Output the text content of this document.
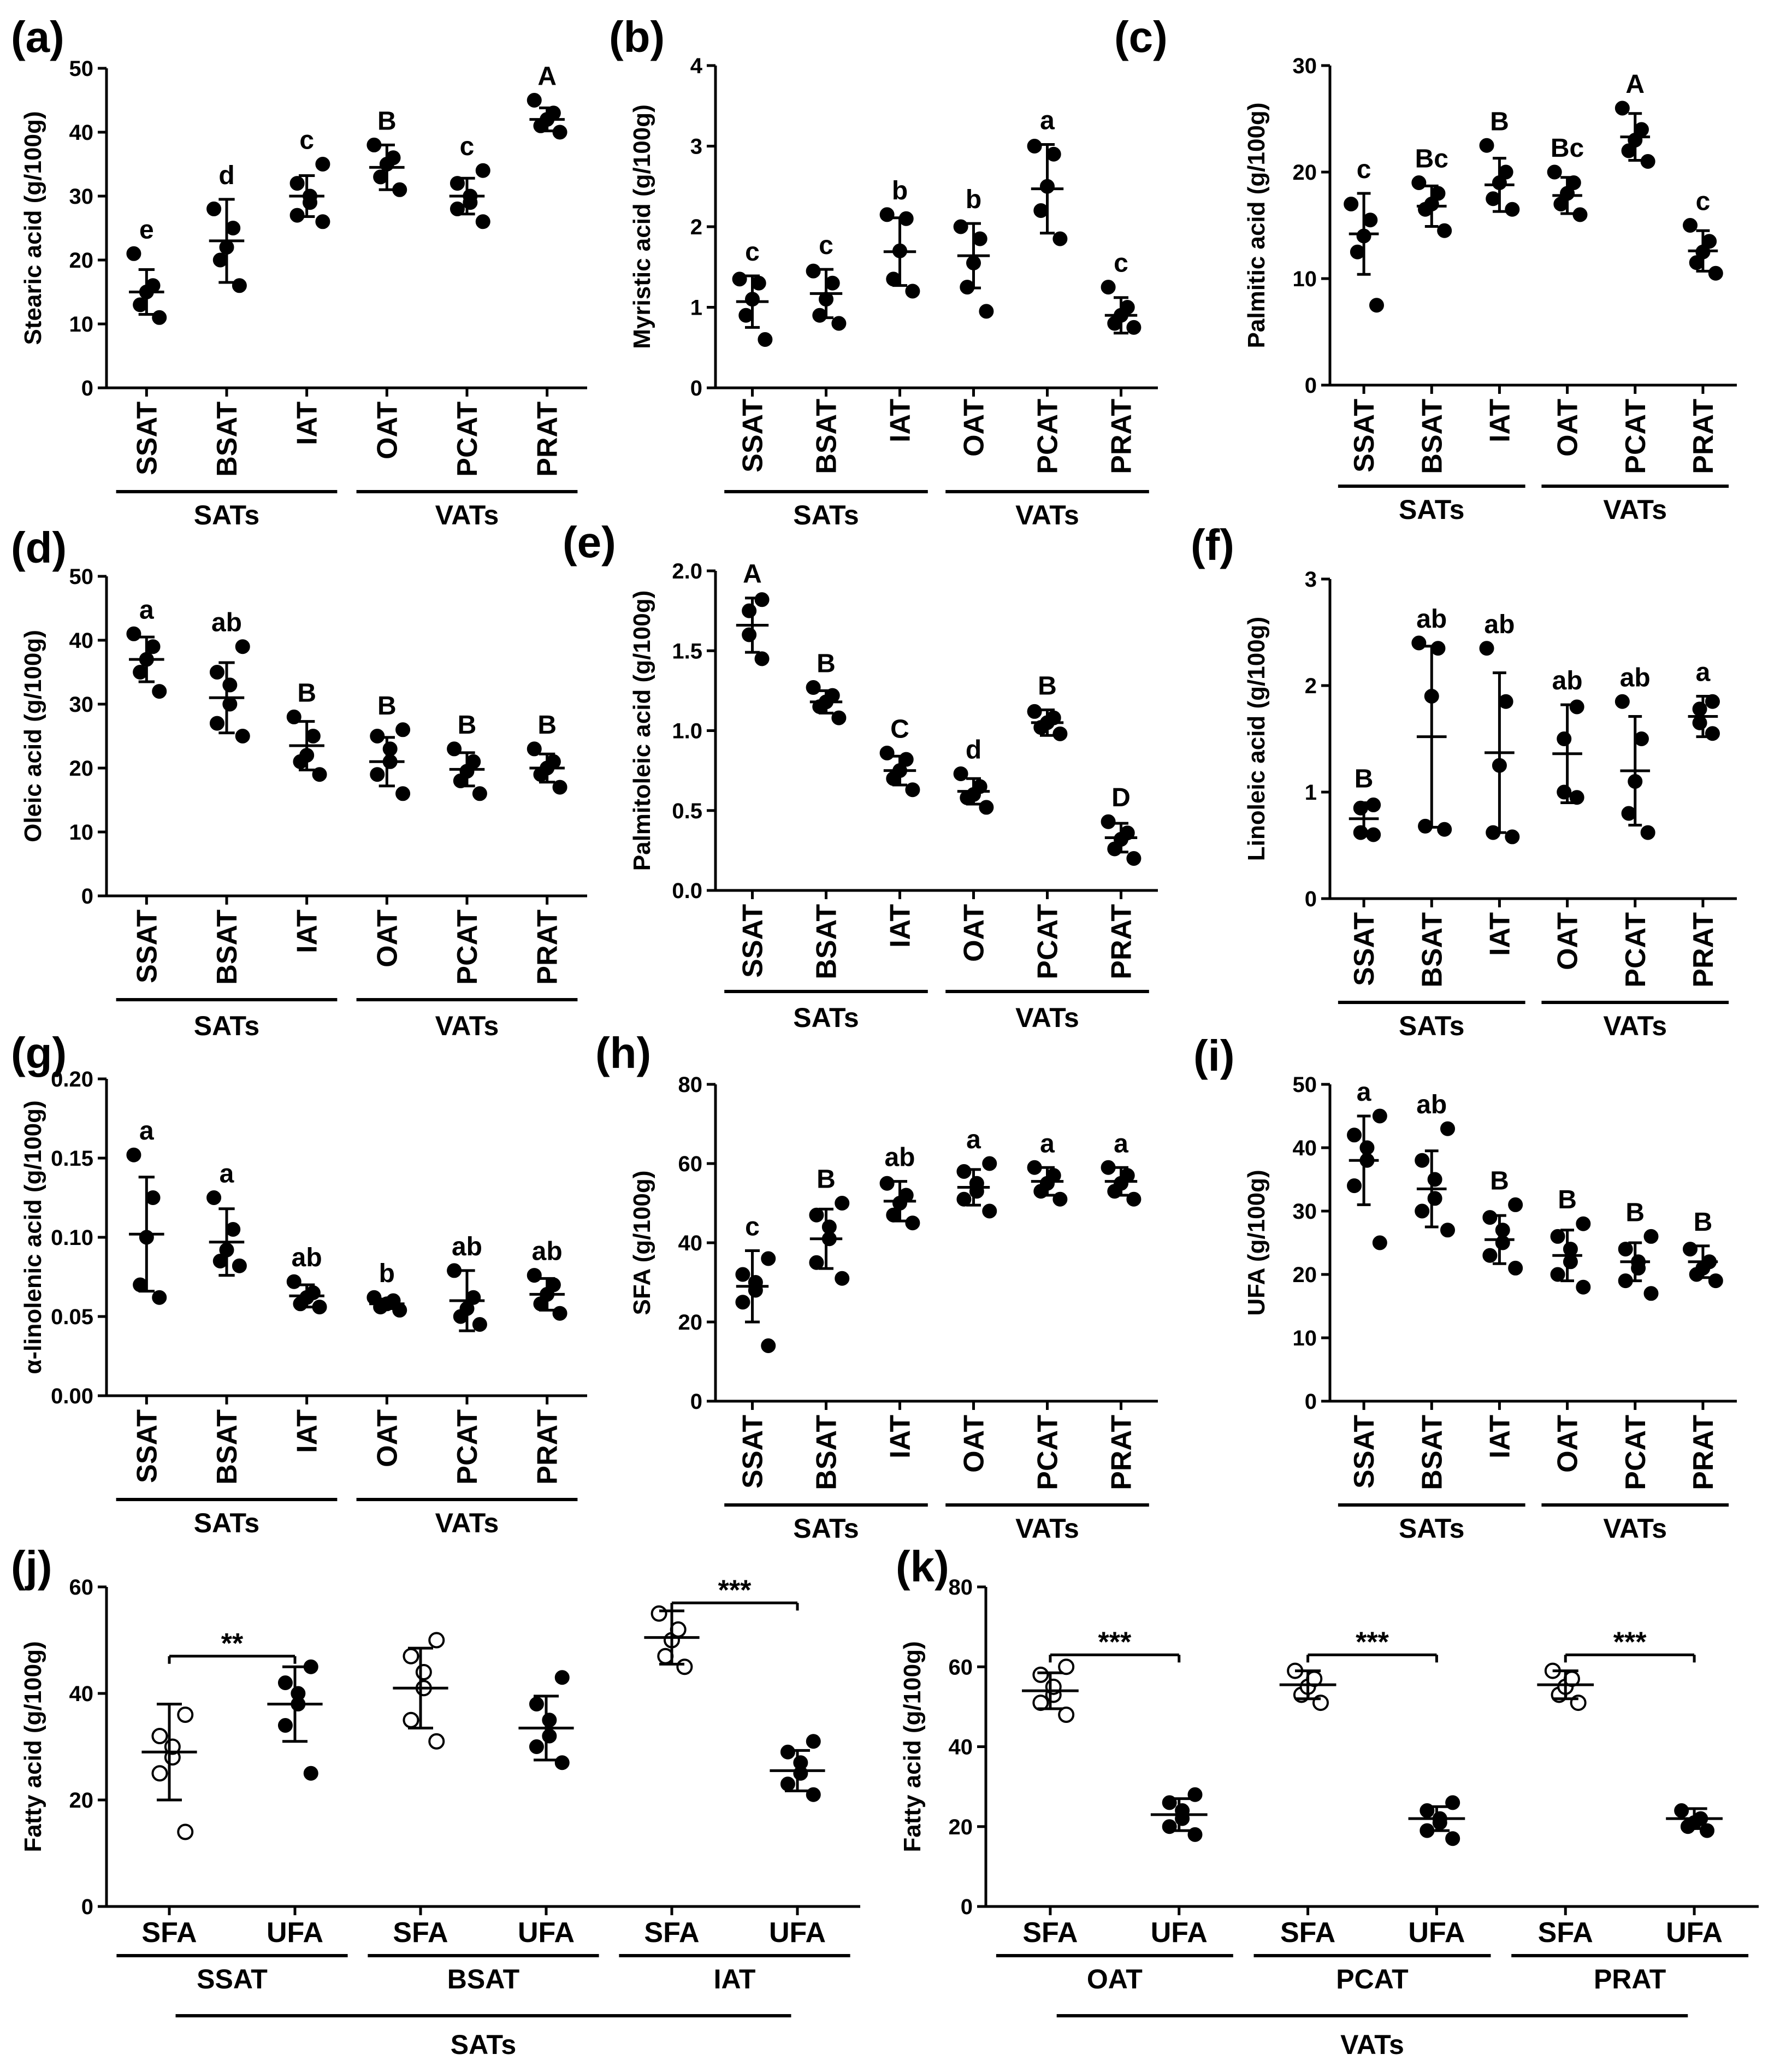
(a)
0
10
20
30
40
50
Stearic acid (g/100g)
SSAT BSAT IAT OAT PCAT PRAT
SATs	VATs
e
d
c
B
c
A
(b)
0
1
2
3
4
Myristic acid (g/100g)
SSAT BSAT IAT OAT PCAT PRAT
SATs	VATs
c c
b b
a
c
(c)
0
10
20
30
Palmitic acid (g/100g)
SSAT BSAT IAT OAT PCAT PRAT
SATs	VATs
c Bc
B
Bc
A
c
(d)
0
10
20
30
40
50
Oleic acid (g/100g)
SSAT BSAT IAT OAT PCAT PRAT
SATs	VATs
a ab
B B
B B
(e)
0.0
0.5
1.0
1.5
2.0
Palmitoleic acid (g/100g)
SSAT BSAT IAT OAT PCAT PRAT
SATs	VATs
A
B
C
d
B
D
(f)
0
1
2
3
Linoleic acid (g/100g)
SSAT BSAT IAT OAT PCAT PRAT
SATs	VATs
B
ab ab
ab ab a
(g)
0.00
0.05
0.10
0.15
0.20
α-linolenic acid (g/100g)
SSAT BSAT IAT OAT PCAT PRAT
SATs	VATs
a
a
ab
b
ab ab
(h)
0
20
40
60
80
SFA (g/100g)
SSAT BSAT IAT OAT PCAT PRAT
SATs	VATs
c
B
ab
a a a
(i)
0
10
20
30
40
50
UFA (g/100g)
SSAT BSAT IAT OAT PCAT PRAT
SATs	VATs
a ab
B
B B B
(j)
0
20
40
60
Fatty acid (g/100g)
SFA UFA SFA UFA SFA UFA
SSAT	BSAT	IAT
SATs
**
***	(k)
0
20
40
60
80
Fatty acid (g/100g)
SFA	UFA	SFA	UFA	SFA	UFA
OAT	PCAT	PRAT
VATs
***	***	***
